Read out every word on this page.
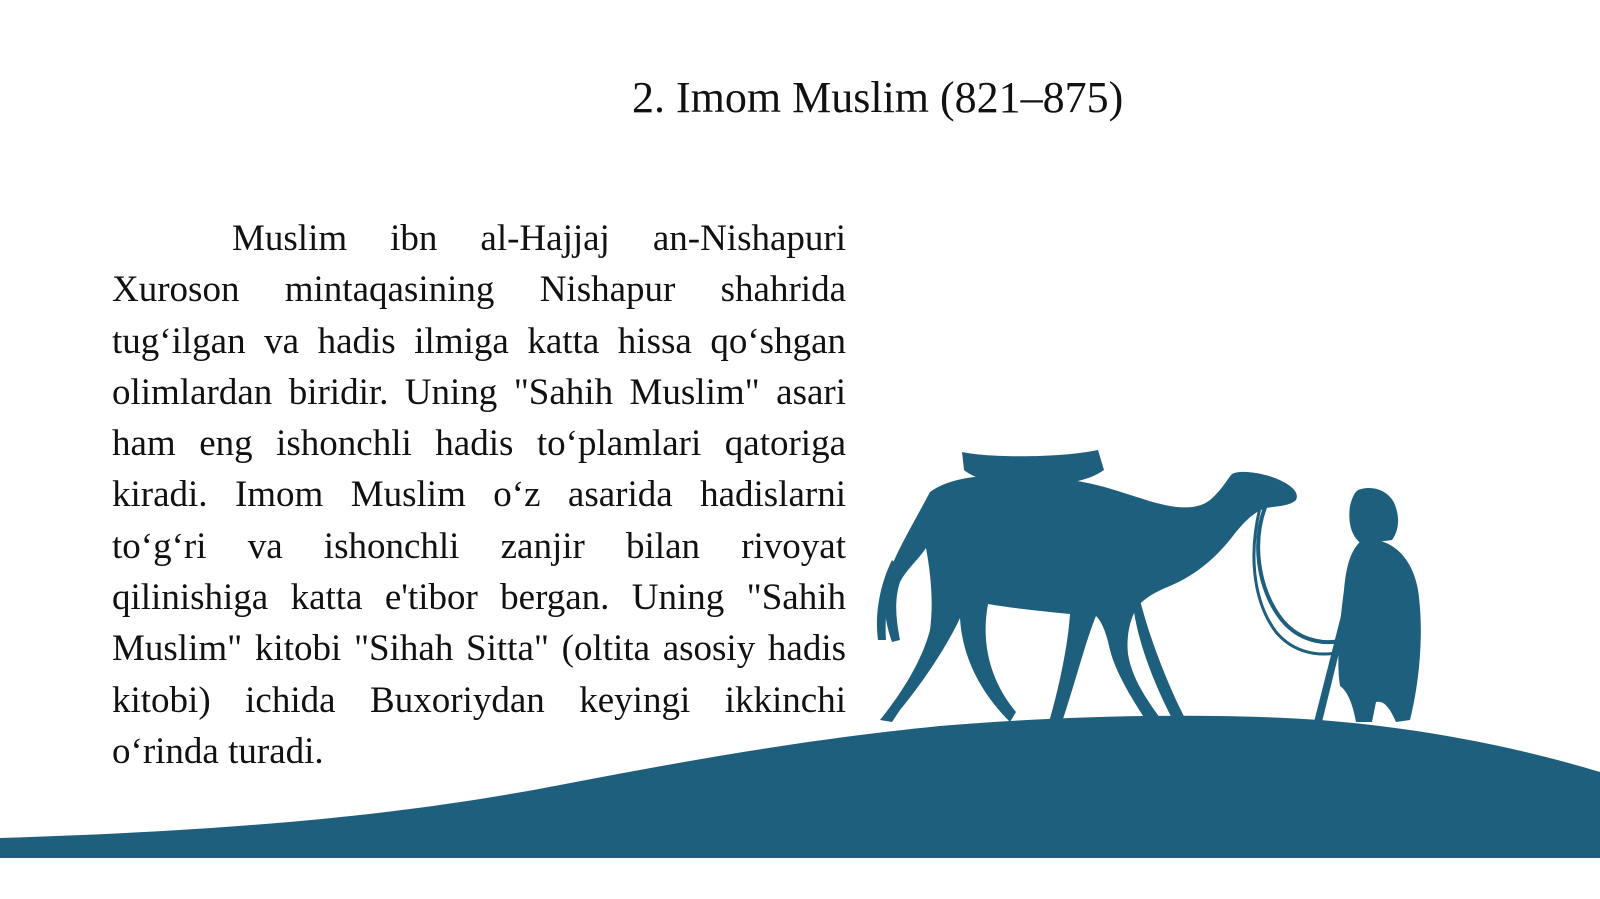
2. Imom Muslim (821–875)

Muslim ibn al-Hajjaj an-Nishapuri Xuroson mintaqasining Nishapur shahrida tug‘ilgan va hadis ilmiga katta hissa qo‘shgan olimlardan biridir. Uning "Sahih Muslim" asari ham eng ishonchli hadis to‘plamlari qatoriga kiradi. Imom Muslim o‘z asarida hadislarni to‘g‘ri va ishonchli zanjir bilan rivoyat qilinishiga katta e'tibor bergan. Uning "Sahih Muslim" kitobi "Sihah Sitta" (oltita asosiy hadis kitobi) ichida Buxoriydan keyingi ikkinchi o‘rinda turadi.
